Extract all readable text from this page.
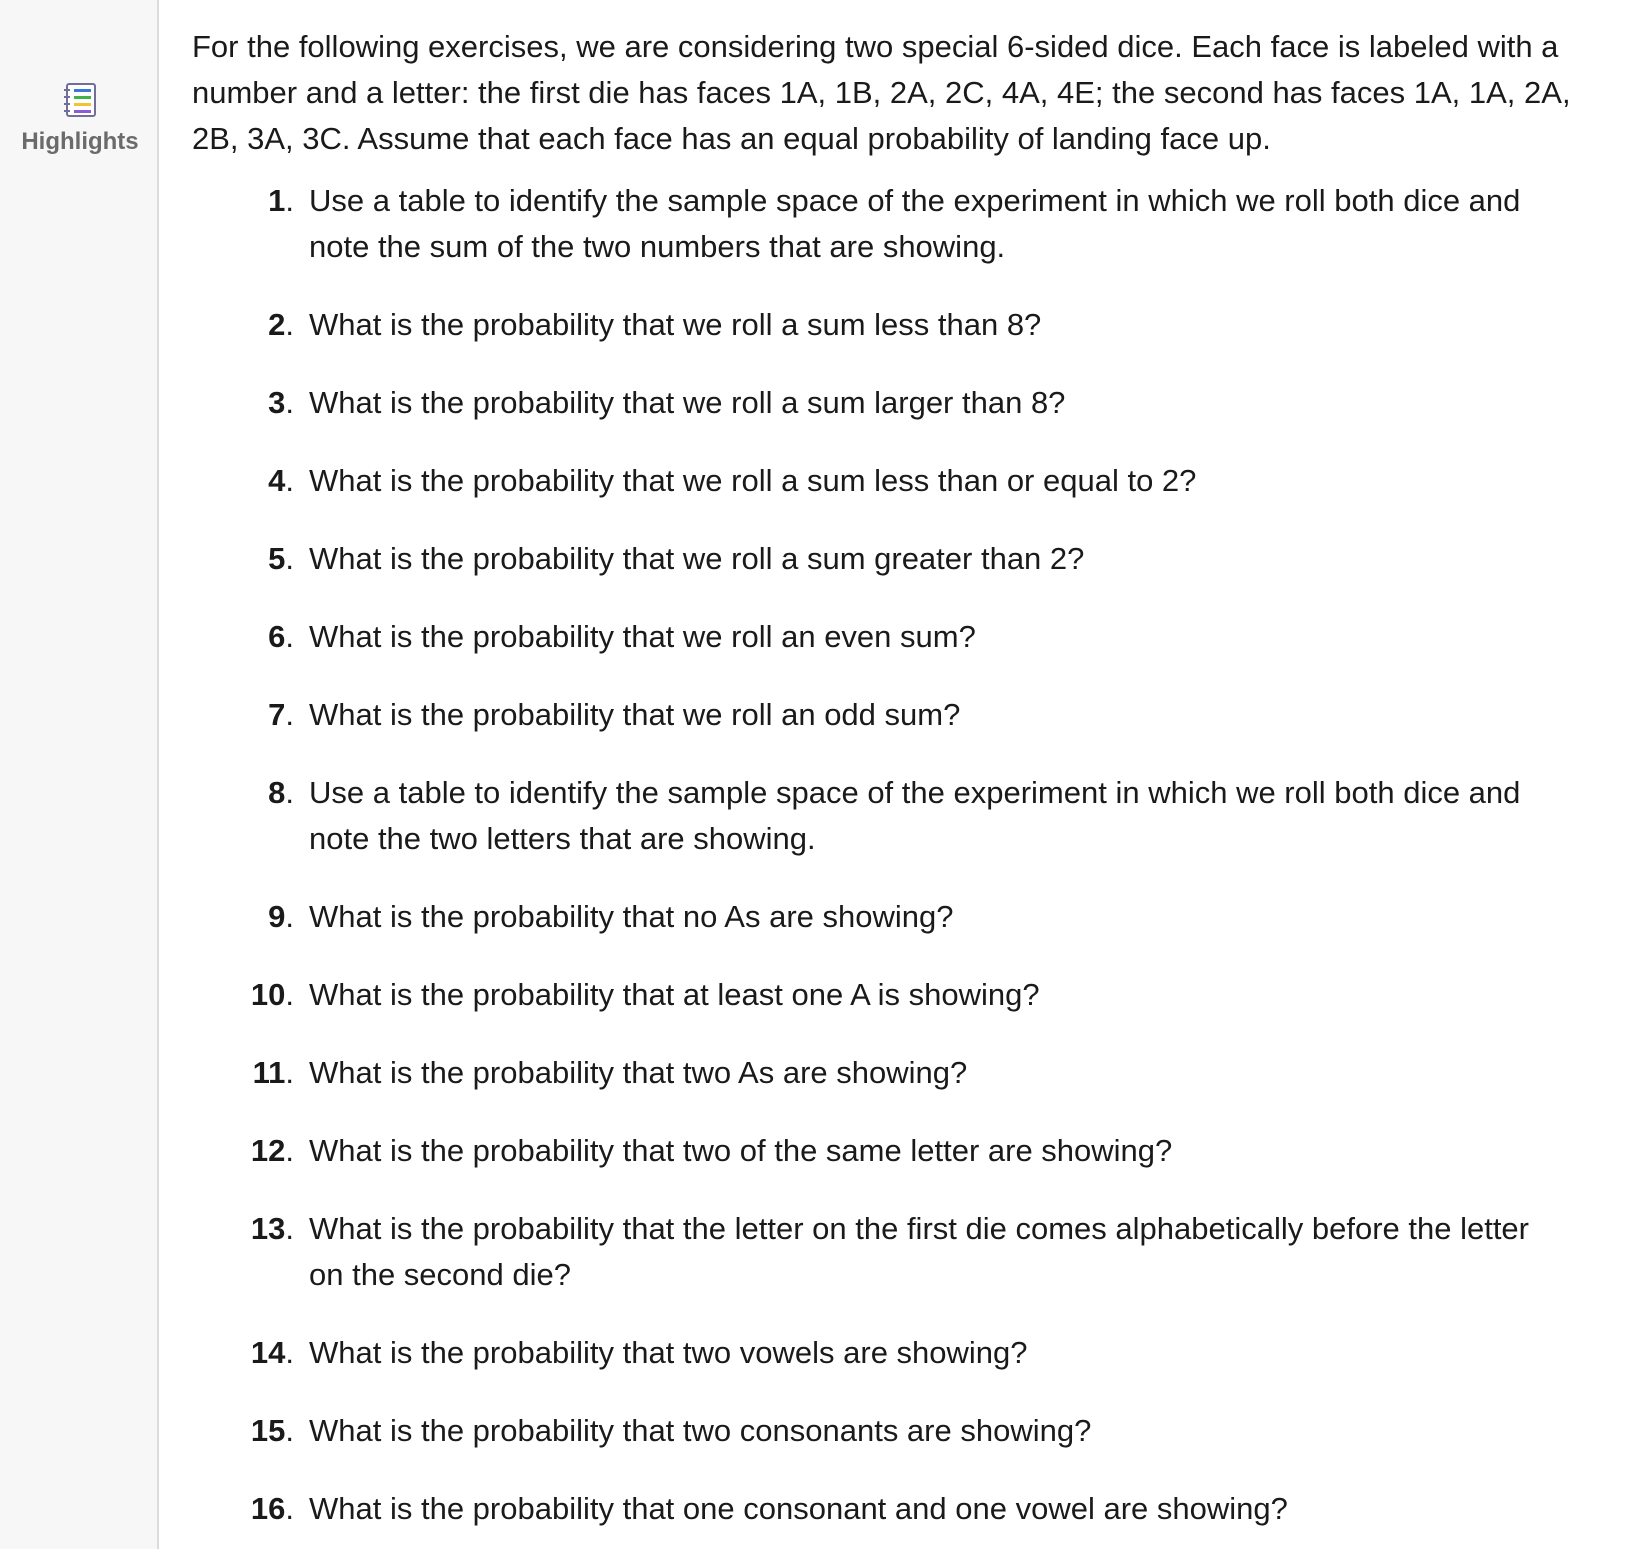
Highlights

For the following exercises, we are considering two special 6-sided dice. Each face is labeled with a number and a letter: the first die has faces 1A, 1B, 2A, 2C, 4A, 4E; the second has faces 1A, 1A, 2A, 2B, 3A, 3C. Assume that each face has an equal probability of landing face up.

1 . Use a table to identify the sample space of the experiment in which we roll both dice and note the sum of the two numbers that are showing.
2 . What is the probability that we roll a sum less than 8?
3 . What is the probability that we roll a sum larger than 8?
4 . What is the probability that we roll a sum less than or equal to 2?
5 . What is the probability that we roll a sum greater than 2?
6 . What is the probability that we roll an even sum?
7 . What is the probability that we roll an odd sum?
8 . Use a table to identify the sample space of the experiment in which we roll both dice and note the two letters that are showing.
9 . What is the probability that no As are showing?
10 . What is the probability that at least one A is showing?
11 . What is the probability that two As are showing?
12 . What is the probability that two of the same letter are showing?
13 . What is the probability that the letter on the first die comes alphabetically before the letter on the second die?
14 . What is the probability that two vowels are showing?
15 . What is the probability that two consonants are showing?
16 . What is the probability that one consonant and one vowel are showing?
